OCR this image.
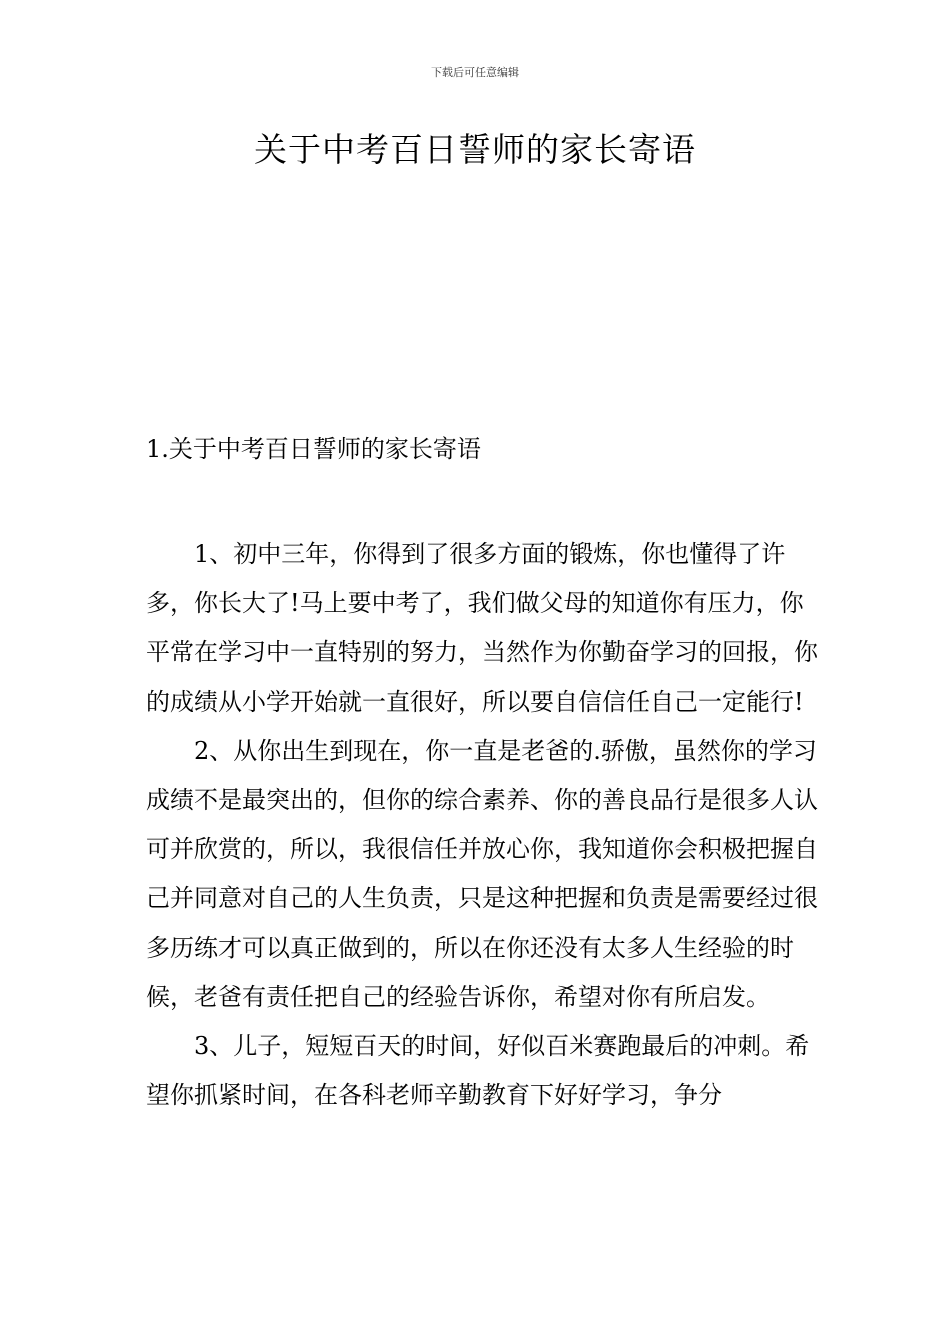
下载后可任意编辑
关于中考百日誓师的家长寄语
1.关于中考百日誓师的家长寄语

1、初中三年，你得到了很多方面的锻炼，你也懂得了许多，你长大了!马上要中考了，我们做父母的知道你有压力，你平常在学习中一直特别的努力，当然作为你勤奋学习的回报，你的成绩从小学开始就一直很好，所以要自信信任自己一定能行!

2、从你出生到现在，你一直是老爸的.骄傲，虽然你的学习成绩不是最突出的，但你的综合素养、你的善良品行是很多人认可并欣赏的，所以，我很信任并放心你，我知道你会积极把握自己并同意对自己的人生负责，只是这种把握和负责是需要经过很多历练才可以真正做到的，所以在你还没有太多人生经验的时候，老爸有责任把自己的经验告诉你，希望对你有所启发。

3、儿子，短短百天的时间，好似百米赛跑最后的冲刺。希望你抓紧时间，在各科老师辛勤教育下好好学习，争分
